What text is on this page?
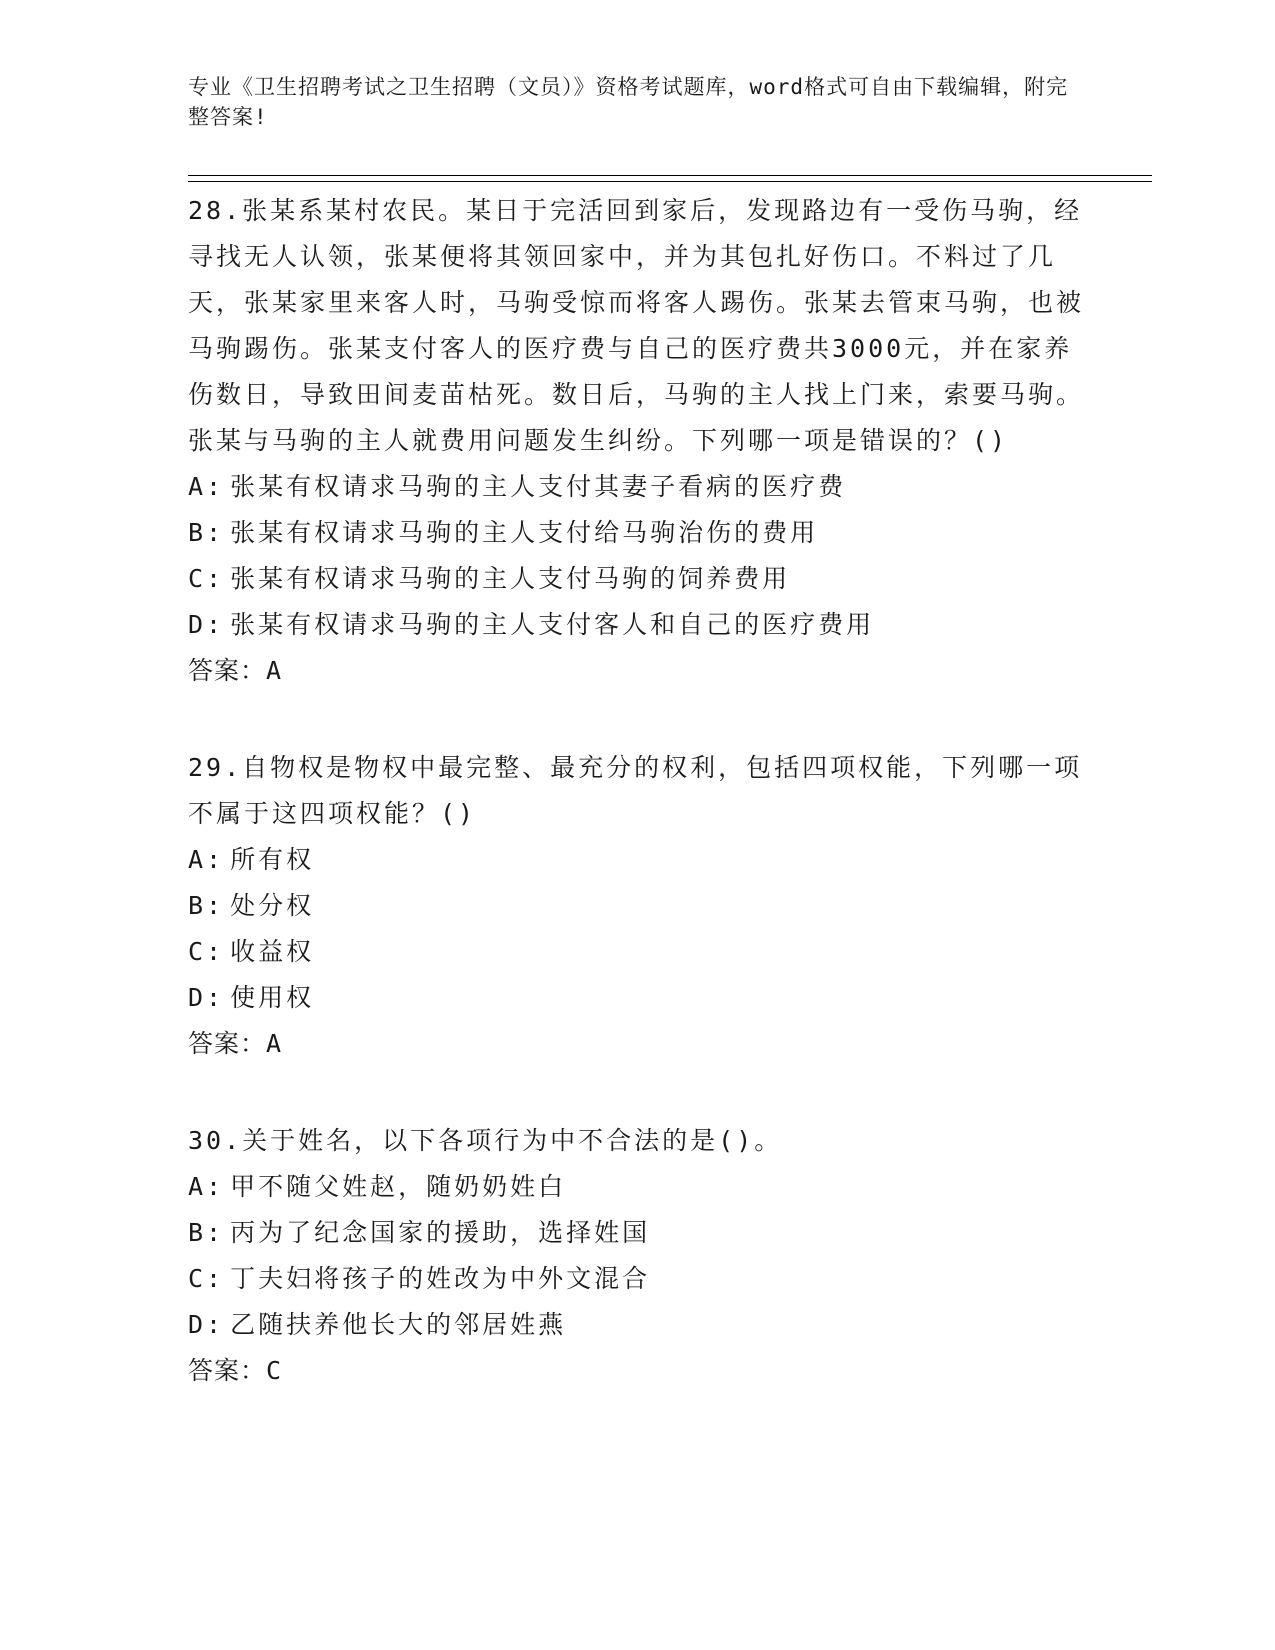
专业《卫生招聘考试之卫生招聘（文员）》资格考试题库，word格式可自由下载编辑，附完整答案!
28.张某系某村农民。某日于完活回到家后，发现路边有一受伤马驹，经寻找无人认领，张某便将其领回家中，并为其包扎好伤口。不料过了几天，张某家里来客人时，马驹受惊而将客人踢伤。张某去管束马驹，也被马驹踢伤。张某支付客人的医疗费与自己的医疗费共3000元，并在家养伤数日，导致田间麦苗枯死。数日后，马驹的主人找上门来，索要马驹。张某与马驹的主人就费用问题发生纠纷。下列哪一项是错误的？()
A: 张某有权请求马驹的主人支付其妻子看病的医疗费
B: 张某有权请求马驹的主人支付给马驹治伤的费用
C: 张某有权请求马驹的主人支付马驹的饲养费用
D: 张某有权请求马驹的主人支付客人和自己的医疗费用
答案：A
29.自物权是物权中最完整、最充分的权利，包括四项权能，下列哪一项不属于这四项权能？()
A: 所有权
B: 处分权
C: 收益权
D: 使用权
答案：A
30.关于姓名，以下各项行为中不合法的是()。
A: 甲不随父姓赵，随奶奶姓白
B: 丙为了纪念国家的援助，选择姓国
C: 丁夫妇将孩子的姓改为中外文混合
D: 乙随扶养他长大的邻居姓燕
答案：C
